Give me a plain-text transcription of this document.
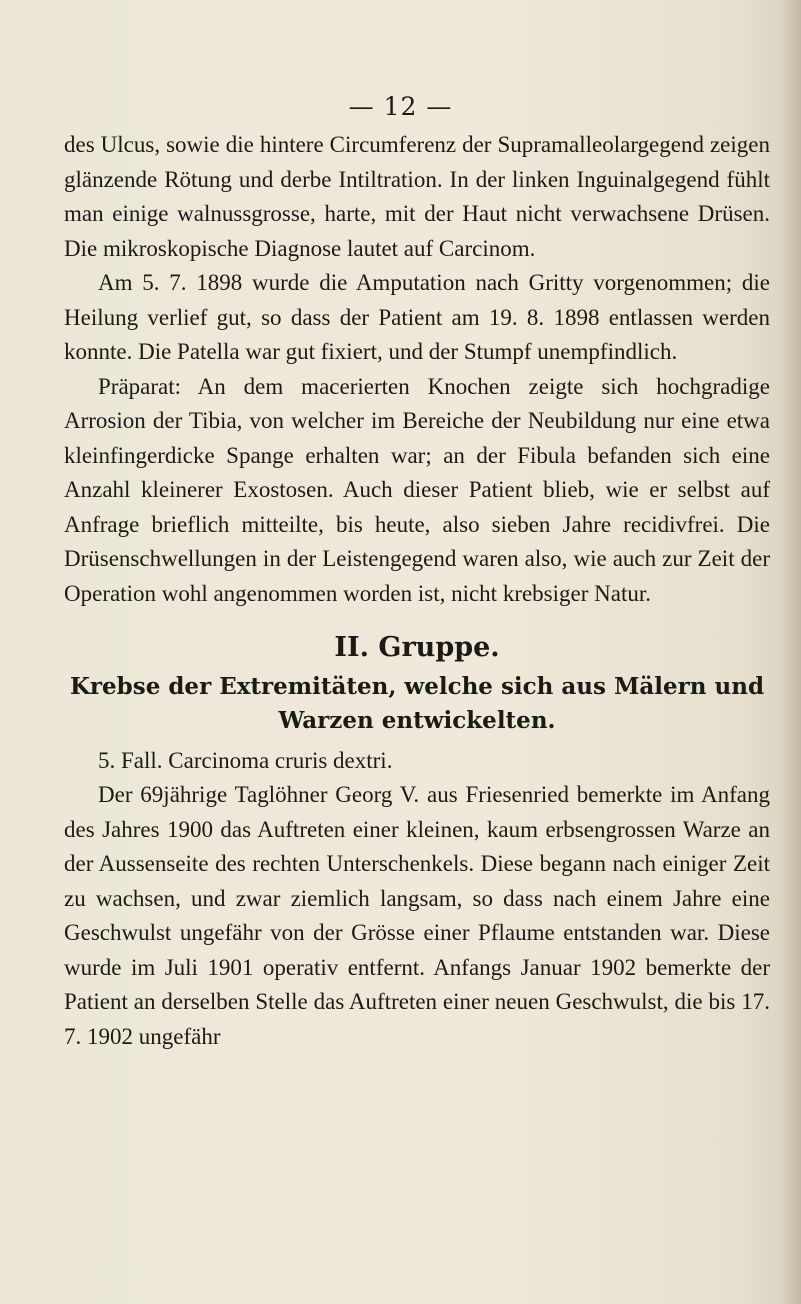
— 12 —

des Ulcus, sowie die hintere Circumferenz der Supramalleolargegend zeigen glänzende Rötung und derbe Intiltration. In der linken Inguinalgegend fühlt man einige walnussgrosse, harte, mit der Haut nicht verwachsene Drüsen. Die mikroskopische Diagnose lautet auf Carcinom.

Am 5. 7. 1898 wurde die Amputation nach Gritty vorgenommen; die Heilung verlief gut, so dass der Patient am 19. 8. 1898 entlassen werden konnte. Die Patella war gut fixiert, und der Stumpf unempfindlich.

Präparat: An dem macerierten Knochen zeigte sich hochgradige Arrosion der Tibia, von welcher im Bereiche der Neubildung nur eine etwa kleinfingerdicke Spange erhalten war; an der Fibula befanden sich eine Anzahl kleinerer Exostosen. Auch dieser Patient blieb, wie er selbst auf Anfrage brieflich mitteilte, bis heute, also sieben Jahre recidivfrei. Die Drüsenschwellungen in der Leistengegend waren also, wie auch zur Zeit der Operation wohl angenommen worden ist, nicht krebsiger Natur.

II. Gruppe.
Krebse der Extremitäten, welche sich aus Mälern und Warzen entwickelten.

5. Fall. Carcinoma cruris dextri.

Der 69jährige Taglöhner Georg V. aus Friesenried bemerkte im Anfang des Jahres 1900 das Auftreten einer kleinen, kaum erbsengrossen Warze an der Aussenseite des rechten Unterschenkels. Diese begann nach einiger Zeit zu wachsen, und zwar ziemlich langsam, so dass nach einem Jahre eine Geschwulst ungefähr von der Grösse einer Pflaume entstanden war. Diese wurde im Juli 1901 operativ entfernt. Anfangs Januar 1902 bemerkte der Patient an derselben Stelle das Auftreten einer neuen Geschwulst, die bis 17. 7. 1902 ungefähr
